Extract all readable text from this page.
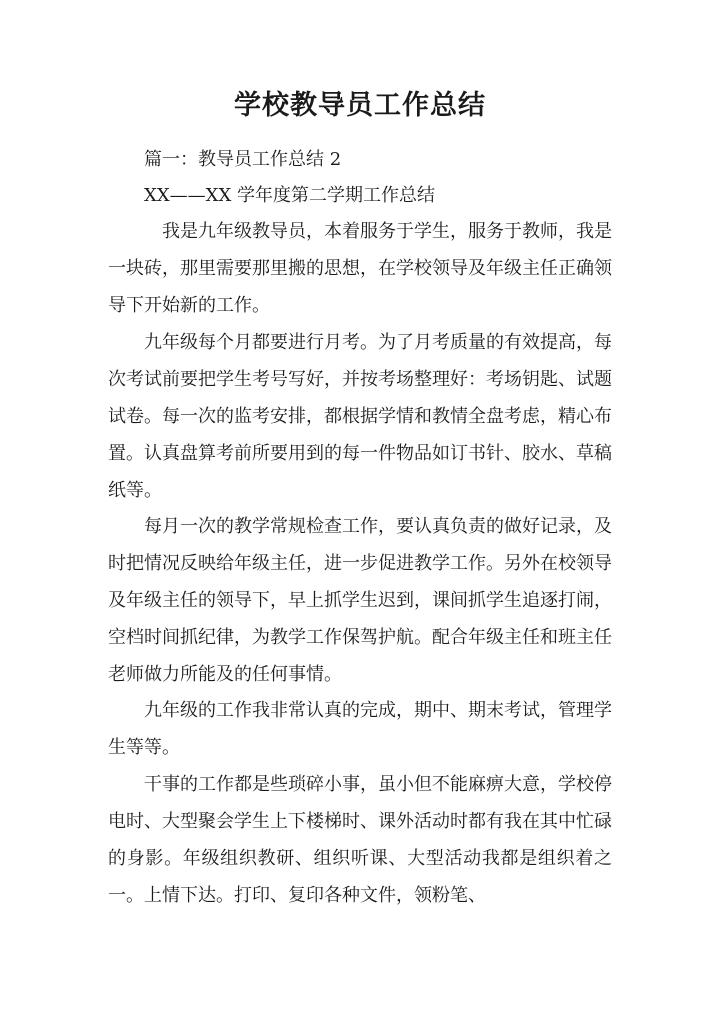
学校教导员工作总结

篇一：教导员工作总结 2

XX——XX 学年度第二学期工作总结

我是九年级教导员，本着服务于学生，服务于教师，我是一块砖，那里需要那里搬的思想，在学校领导及年级主任正确领导下开始新的工作。

九年级每个月都要进行月考。为了月考质量的有效提高，每次考试前要把学生考号写好，并按考场整理好：考场钥匙、试题试卷。每一次的监考安排，都根据学情和教情全盘考虑，精心布置。认真盘算考前所要用到的每一件物品如订书针、胶水、草稿纸等。

每月一次的教学常规检查工作，要认真负责的做好记录，及时把情况反映给年级主任，进一步促进教学工作。另外在校领导及年级主任的领导下，早上抓学生迟到，课间抓学生追逐打闹，空档时间抓纪律，为教学工作保驾护航。配合年级主任和班主任老师做力所能及的任何事情。

九年级的工作我非常认真的完成，期中、期末考试，管理学生等等。

干事的工作都是些琐碎小事，虽小但不能麻痹大意，学校停电时、大型聚会学生上下楼梯时、课外活动时都有我在其中忙碌的身影。年级组织教研、组织听课、大型活动我都是组织着之一。上情下达。打印、复印各种文件，领粉笔、
